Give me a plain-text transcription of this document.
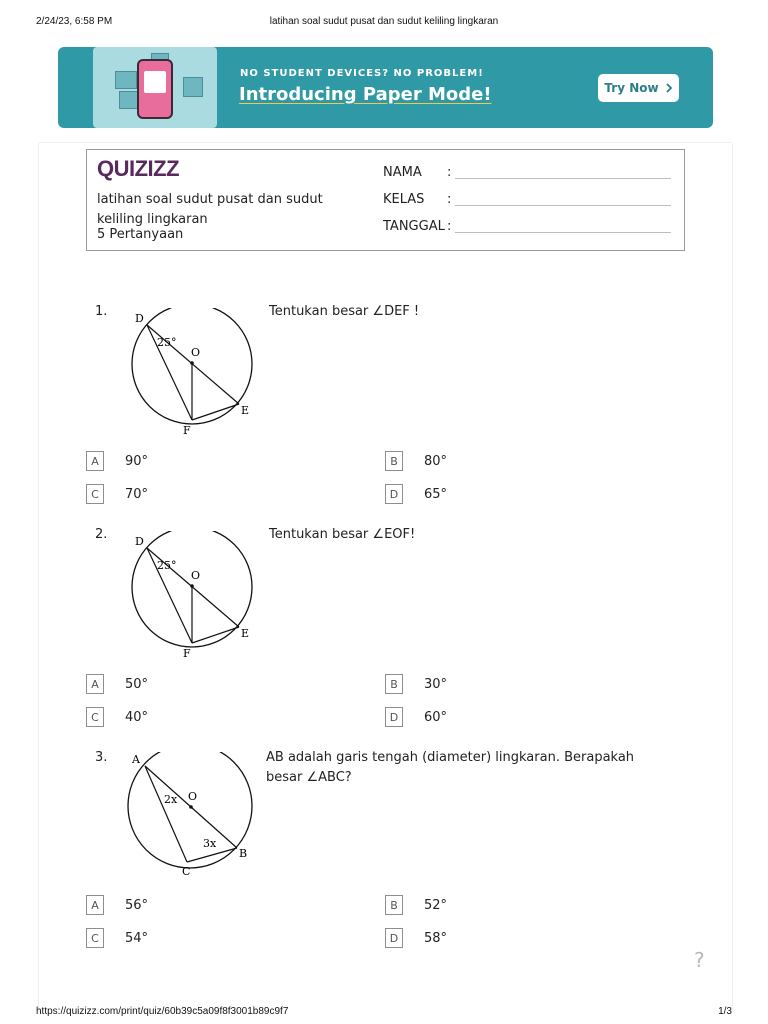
2/24/23, 6:58 PM	latihan soal sudut pusat dan sudut keliling lingkaran
NO STUDENT DEVICES? NO PROBLEM!
Introducing Paper Mode!	Try Now
QUIZIZZ
latihan soal sudut pusat dan sudut keliling lingkaran
5 Pertanyaan
NAMA :
KELAS :
TANGGAL :
1.	D
O
E
F
25°
Tentukan besar ∠DEF !
A	90°	B	80°
C	70°	D	65°
2.	D
O
E
F
25°
Tentukan besar ∠EOF!
A	50°	B	30°
C	40°	D	60°
3. A
O
B
C
2x
3x
AB adalah garis tengah (diameter) lingkaran. Berapakah besar ∠ABC?
A	56°	B	52°
C	54°	D	58°
?
https://quizizz.com/print/quiz/60b39c5a09f8f3001b89c9f7	1/3
